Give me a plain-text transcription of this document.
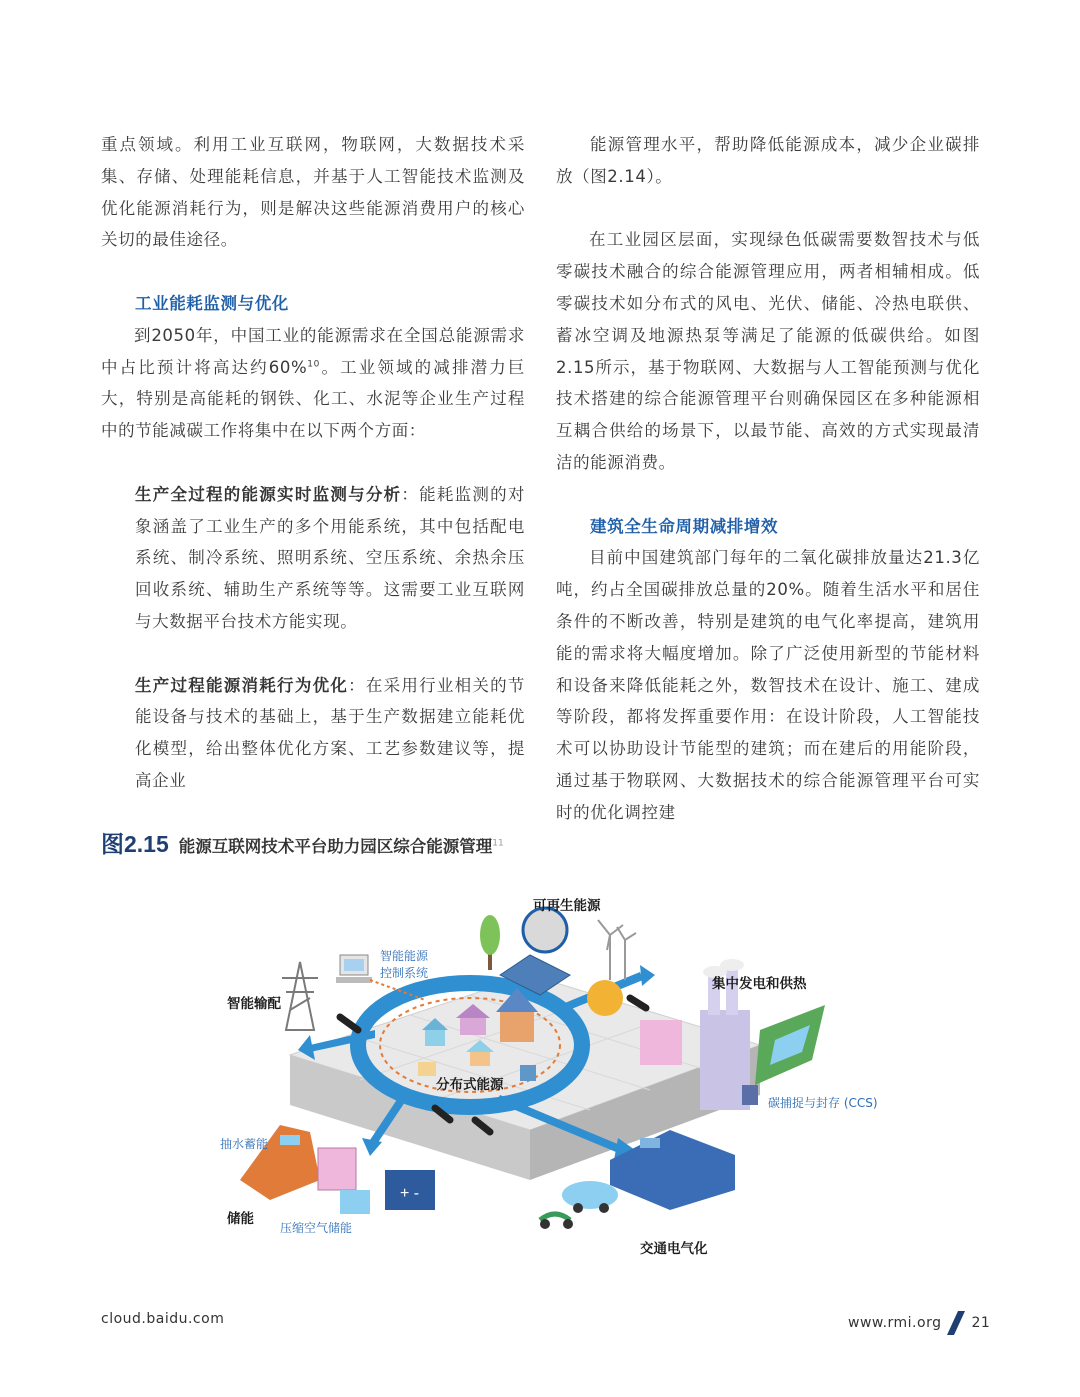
重点领域。利用工业互联网，物联网，大数据技术采集、存储、处理能耗信息，并基于人工智能技术监测及优化能源消耗行为，则是解决这些能源消费用户的核心关切的最佳途径。

工业能耗监测与优化

到2050年，中国工业的能源需求在全国总能源需求中占比预计将高达约60%$^{10}$。工业领域的减排潜力巨大，特别是高能耗的钢铁、化工、水泥等企业生产过程中的节能减碳工作将集中在以下两个方面：

生产全过程的能源实时监测与分析：能耗监测的对象涵盖了工业生产的多个用能系统，其中包括配电系统、制冷系统、照明系统、空压系统、余热余压回收系统、辅助生产系统等等。这需要工业互联网与大数据平台技术方能实现。

生产过程能源消耗行为优化：在采用行业相关的节能设备与技术的基础上，基于生产数据建立能耗优化模型，给出整体优化方案、工艺参数建议等，提高企业

能源管理水平，帮助降低能源成本，减少企业碳排放（图2.14）。

在工业园区层面，实现绿色低碳需要数智技术与低零碳技术融合的综合能源管理应用，两者相辅相成。低零碳技术如分布式的风电、光伏、储能、冷热电联供、蓄冰空调及地源热泵等满足了能源的低碳供给。如图2.15所示，基于物联网、大数据与人工智能预测与优化技术搭建的综合能源管理平台则确保园区在多种能源相互耦合供给的场景下，以最节能、高效的方式实现最清洁的能源消费。

建筑全生命周期减排增效

目前中国建筑部门每年的二氧化碳排放量达21.3亿吨，约占全国碳排放总量的20%。随着生活水平和居住条件的不断改善，特别是建筑的电气化率提高，建筑用能的需求将大幅度增加。除了广泛使用新型的节能材料和设备来降低能耗之外，数智技术在设计、施工、建成等阶段，都将发挥重要作用：在设计阶段，人工智能技术可以协助设计节能型的建筑；而在建后的用能阶段，通过基于物联网、大数据技术的综合能源管理平台可实时的优化调控建

图2.15 能源互联网技术平台助力园区综合能源管理$^{11}$
+ -
可再生能源
智能能源
控制系统
智能输配
集中发电和供热
分布式能源
碳捕捉与封存 (CCS)
抽水蓄能
储能
压缩空气储能
交通电气化
cloud.baidu.com	www.rmi.org 21
